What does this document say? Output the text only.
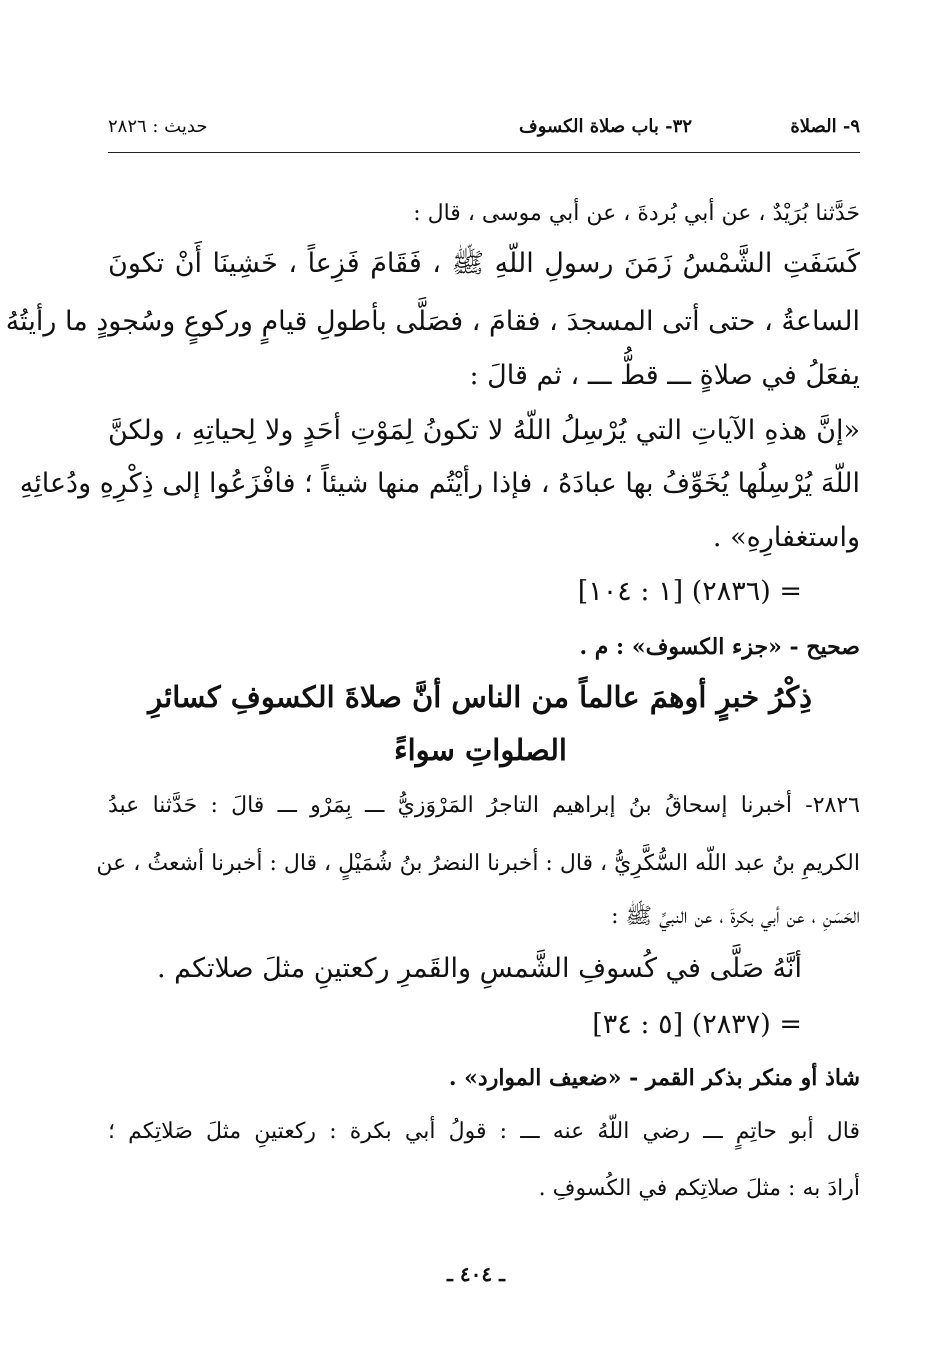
٩- الصلاة
٣٢- باب صلاة الكسوف
حديث : ٢٨٢٦
حَدَّثنا بُرَيْدٌ ، عن أبي بُردةَ ، عن أبي موسى ، قال :
كَسَفَتِ الشَّمْسُ زَمَنَ رسولِ اللّهِ ﷺ ، فَقَامَ فَزِعاً ، خَشِينَا أَنْ تكونَ
الساعةُ ، حتى أتى المسجدَ ، فقامَ ، فصَلَّى بأطولِ قيامٍ وركوعٍ وسُجودٍ ما رأيتُهُ
يفعَلُ في صلاةٍ ـــ قطُّ ـــ ، ثم قالَ :
«إنَّ هذهِ الآياتِ التي يُرْسِلُ اللّهُ لا تكونُ لِمَوْتِ أحَدٍ ولا لِحياتِهِ ، ولكنَّ
اللّهَ يُرْسِلُها يُخَوِّفُ بها عبادَهُ ، فإذا رأيْتُم منها شيئاً ؛ فافْزَعُوا إلى ذِكْرِهِ ودُعائِهِ
واستغفارِهِ» .
= (٢٨٣٦) [١ : ١٠٤]
صحيح - «جزء الكسوف» : م .
ذِكْرُ خبرٍ أوهمَ عالماً من الناس أنَّ صلاةَ الكسوفِ كسائرِ
الصلواتِ سواءً
٢٨٢٦- أخبرنا إسحاقُ بنُ إبراهيم التاجرُ المَرْوَزيُّ ـــ بِمَرْو ـــ قالَ : حَدَّثنا عبدُ
الكريمِ بنُ عبد اللّه السُّكَّرِيُّ ، قال : أخبرنا النضرُ بنُ شُمَيْلٍ ، قال : أخبرنا أشعثُ ، عن
الحَسَنِ ، عن أبي بكرةَ ، عن النبيِّ ﷺ :
أنَّهُ صَلَّى في كُسوفِ الشَّمسِ والقَمرِ ركعتينِ مثلَ صلاتكم .
= (٢٨٣٧) [٥ : ٣٤]
شاذ أو منكر بذكر القمر - «ضعيف الموارد» .
قال أبو حاتِمٍ ـــ رضي اللّهُ عنه ـــ : قولُ أبي بكرة : ركعتينِ مثلَ صَلاتِكم ؛
أرادَ به : مثلَ صلاتِكم في الكُسوفِ .
ـ ٤٠٤ ـ
